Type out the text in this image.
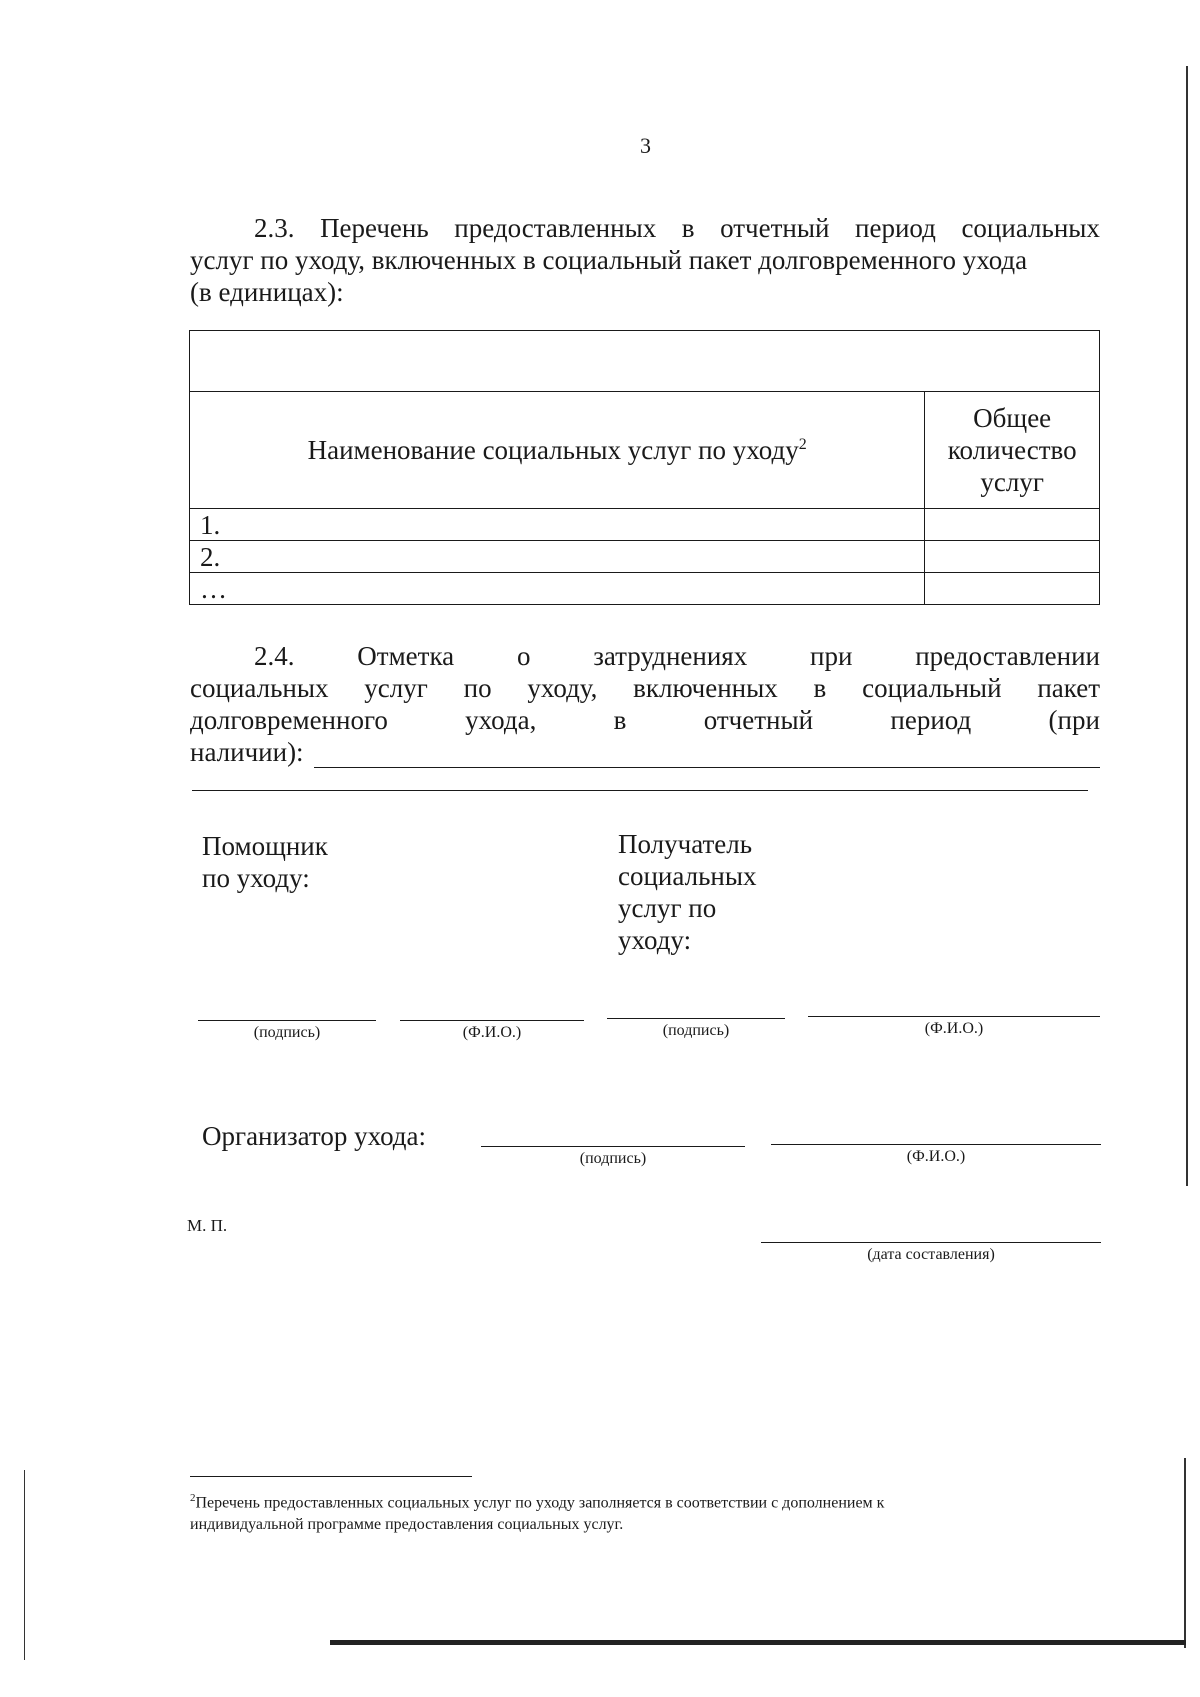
3
2.3. Перечень предоставленных в отчетный период социальных
услуг по уходу, включенных в социальный пакет долговременного ухода
(в единицах):

Наименование социальных услуг по уходу$^2$	Общее
количество
услуг

1.	
2.	
…	
2.4. Отметка о затруднениях при предоставлении
социальных услуг по уходу, включенных в социальный пакет
долговременного	ухода,	в	отчетный	период	(при
наличии):
Помощник
по уходу:
Получатель
социальных
услуг по
уходу:
(подпись)	(Ф.И.О.)	(подпись)	(Ф.И.О.)
Организатор ухода:
(подпись)	(Ф.И.О.)
М. П.
(дата составления)
$^2$Перечень предоставленных социальных услуг по уходу заполняется в соответствии с дополнением к
индивидуальной программе предоставления социальных услуг.
